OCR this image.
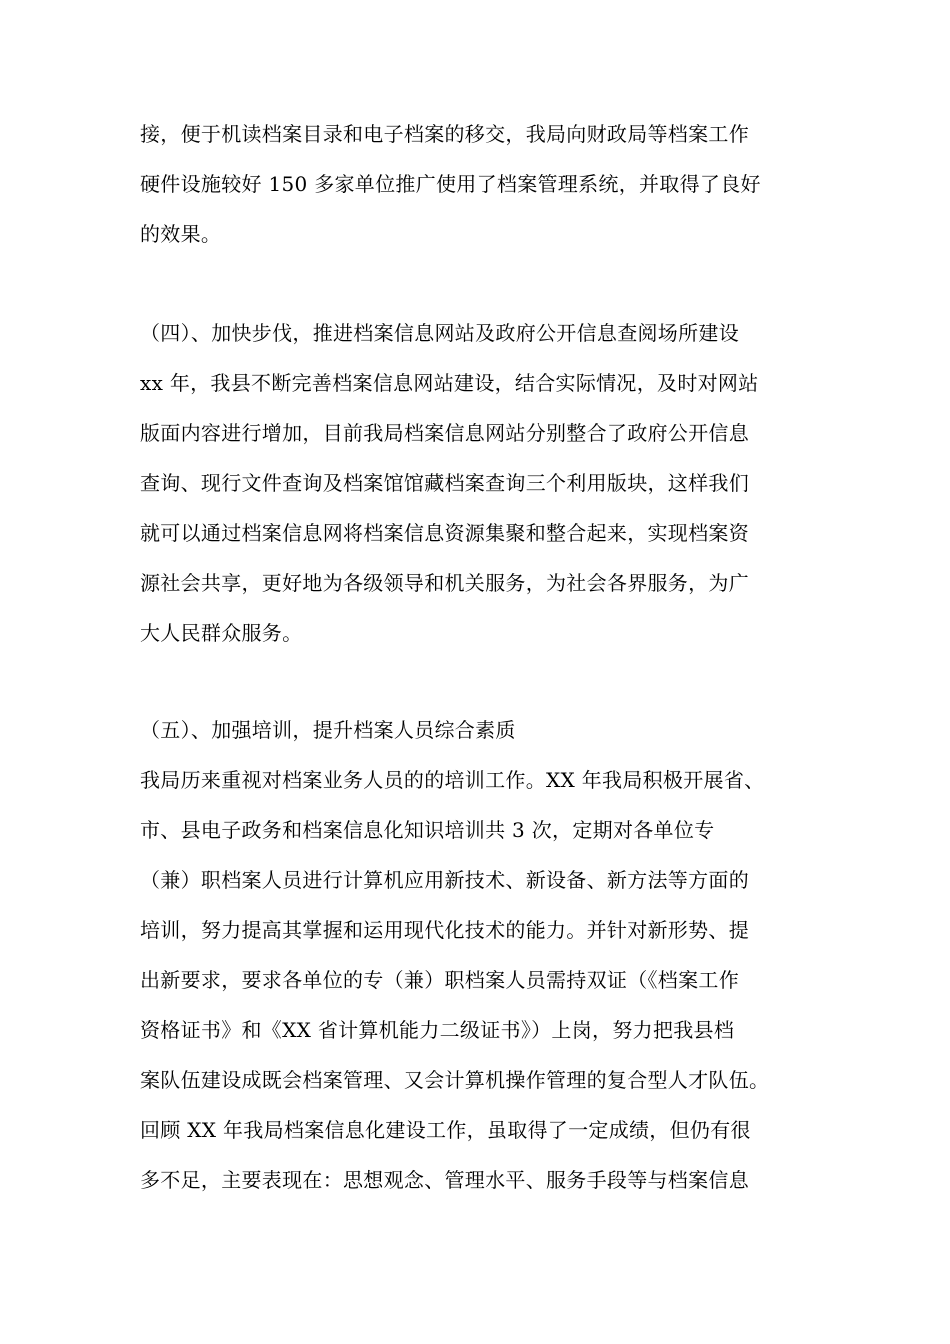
接，便于机读档案目录和电子档案的移交，我局向财政局等档案工作
硬件设施较好 150 多家单位推广使用了档案管理系统，并取得了良好
的效果。
（四）、加快步伐，推进档案信息网站及政府公开信息查阅场所建设
xx 年，我县不断完善档案信息网站建设，结合实际情况，及时对网站
版面内容进行增加，目前我局档案信息网站分别整合了政府公开信息
查询、现行文件查询及档案馆馆藏档案查询三个利用版块，这样我们
就可以通过档案信息网将档案信息资源集聚和整合起来，实现档案资
源社会共享，更好地为各级领导和机关服务，为社会各界服务，为广
大人民群众服务。
（五）、加强培训，提升档案人员综合素质
我局历来重视对档案业务人员的的培训工作。XX 年我局积极开展省、
市、县电子政务和档案信息化知识培训共 3 次，定期对各单位专
（兼）职档案人员进行计算机应用新技术、新设备、新方法等方面的
培训，努力提高其掌握和运用现代化技术的能力。并针对新形势、提
出新要求，要求各单位的专（兼）职档案人员需持双证（《档案工作
资格证书》和《XX 省计算机能力二级证书》）上岗，努力把我县档
案队伍建设成既会档案管理、又会计算机操作管理的复合型人才队伍。
回顾 XX 年我局档案信息化建设工作，虽取得了一定成绩，但仍有很
多不足，主要表现在：思想观念、管理水平、服务手段等与档案信息
